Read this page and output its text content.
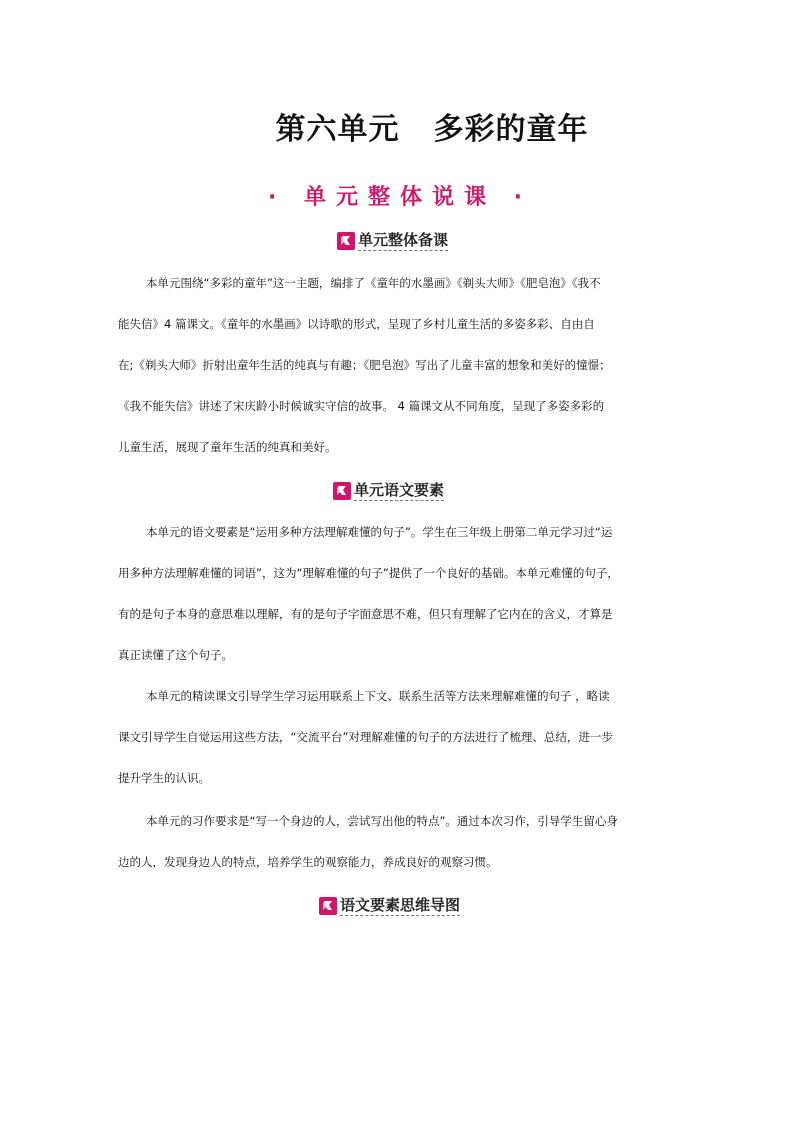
第六单元 多彩的童年
· 单元整体说课 ·
单元整体备课
本单元围绕“多彩的童年”这一主题，编排了《童年的水墨画》《剃头大师》《肥皂泡》《我不
能失信》4 篇课文。《童年的水墨画》以诗歌的形式，呈现了乡村儿童生活的多姿多彩、自由自
在;《剃头大师》折射出童年生活的纯真与有趣；《肥皂泡》写出了儿童丰富的想象和美好的憧憬；
《我不能失信》讲述了宋庆龄小时候诚实守信的故事。 4 篇课文从不同角度，呈现了多姿多彩的
儿童生活，展现了童年生活的纯真和美好。
单元语文要素
本单元的语文要素是“运用多种方法理解难懂的句子”。学生在三年级上册第二单元学习过“运
用多种方法理解难懂的词语”，这为“理解难懂的句子”提供了一个良好的基础。本单元难懂的句子，
有的是句子本身的意思难以理解，有的是句子字面意思不难，但只有理解了它内在的含义，才算是
真正读懂了这个句子。
本单元的精读课文引导学生学习运用联系上下文、联系生活等方法来理解难懂的句子 ，略读
课文引导学生自觉运用这些方法，“交流平台”对理解难懂的句子的方法进行了梳理、总结，进一步
提升学生的认识。
本单元的习作要求是“写一个身边的人，尝试写出他的特点”。通过本次习作，引导学生留心身
边的人，发现身边人的特点，培养学生的观察能力，养成良好的观察习惯。
语文要素思维导图
